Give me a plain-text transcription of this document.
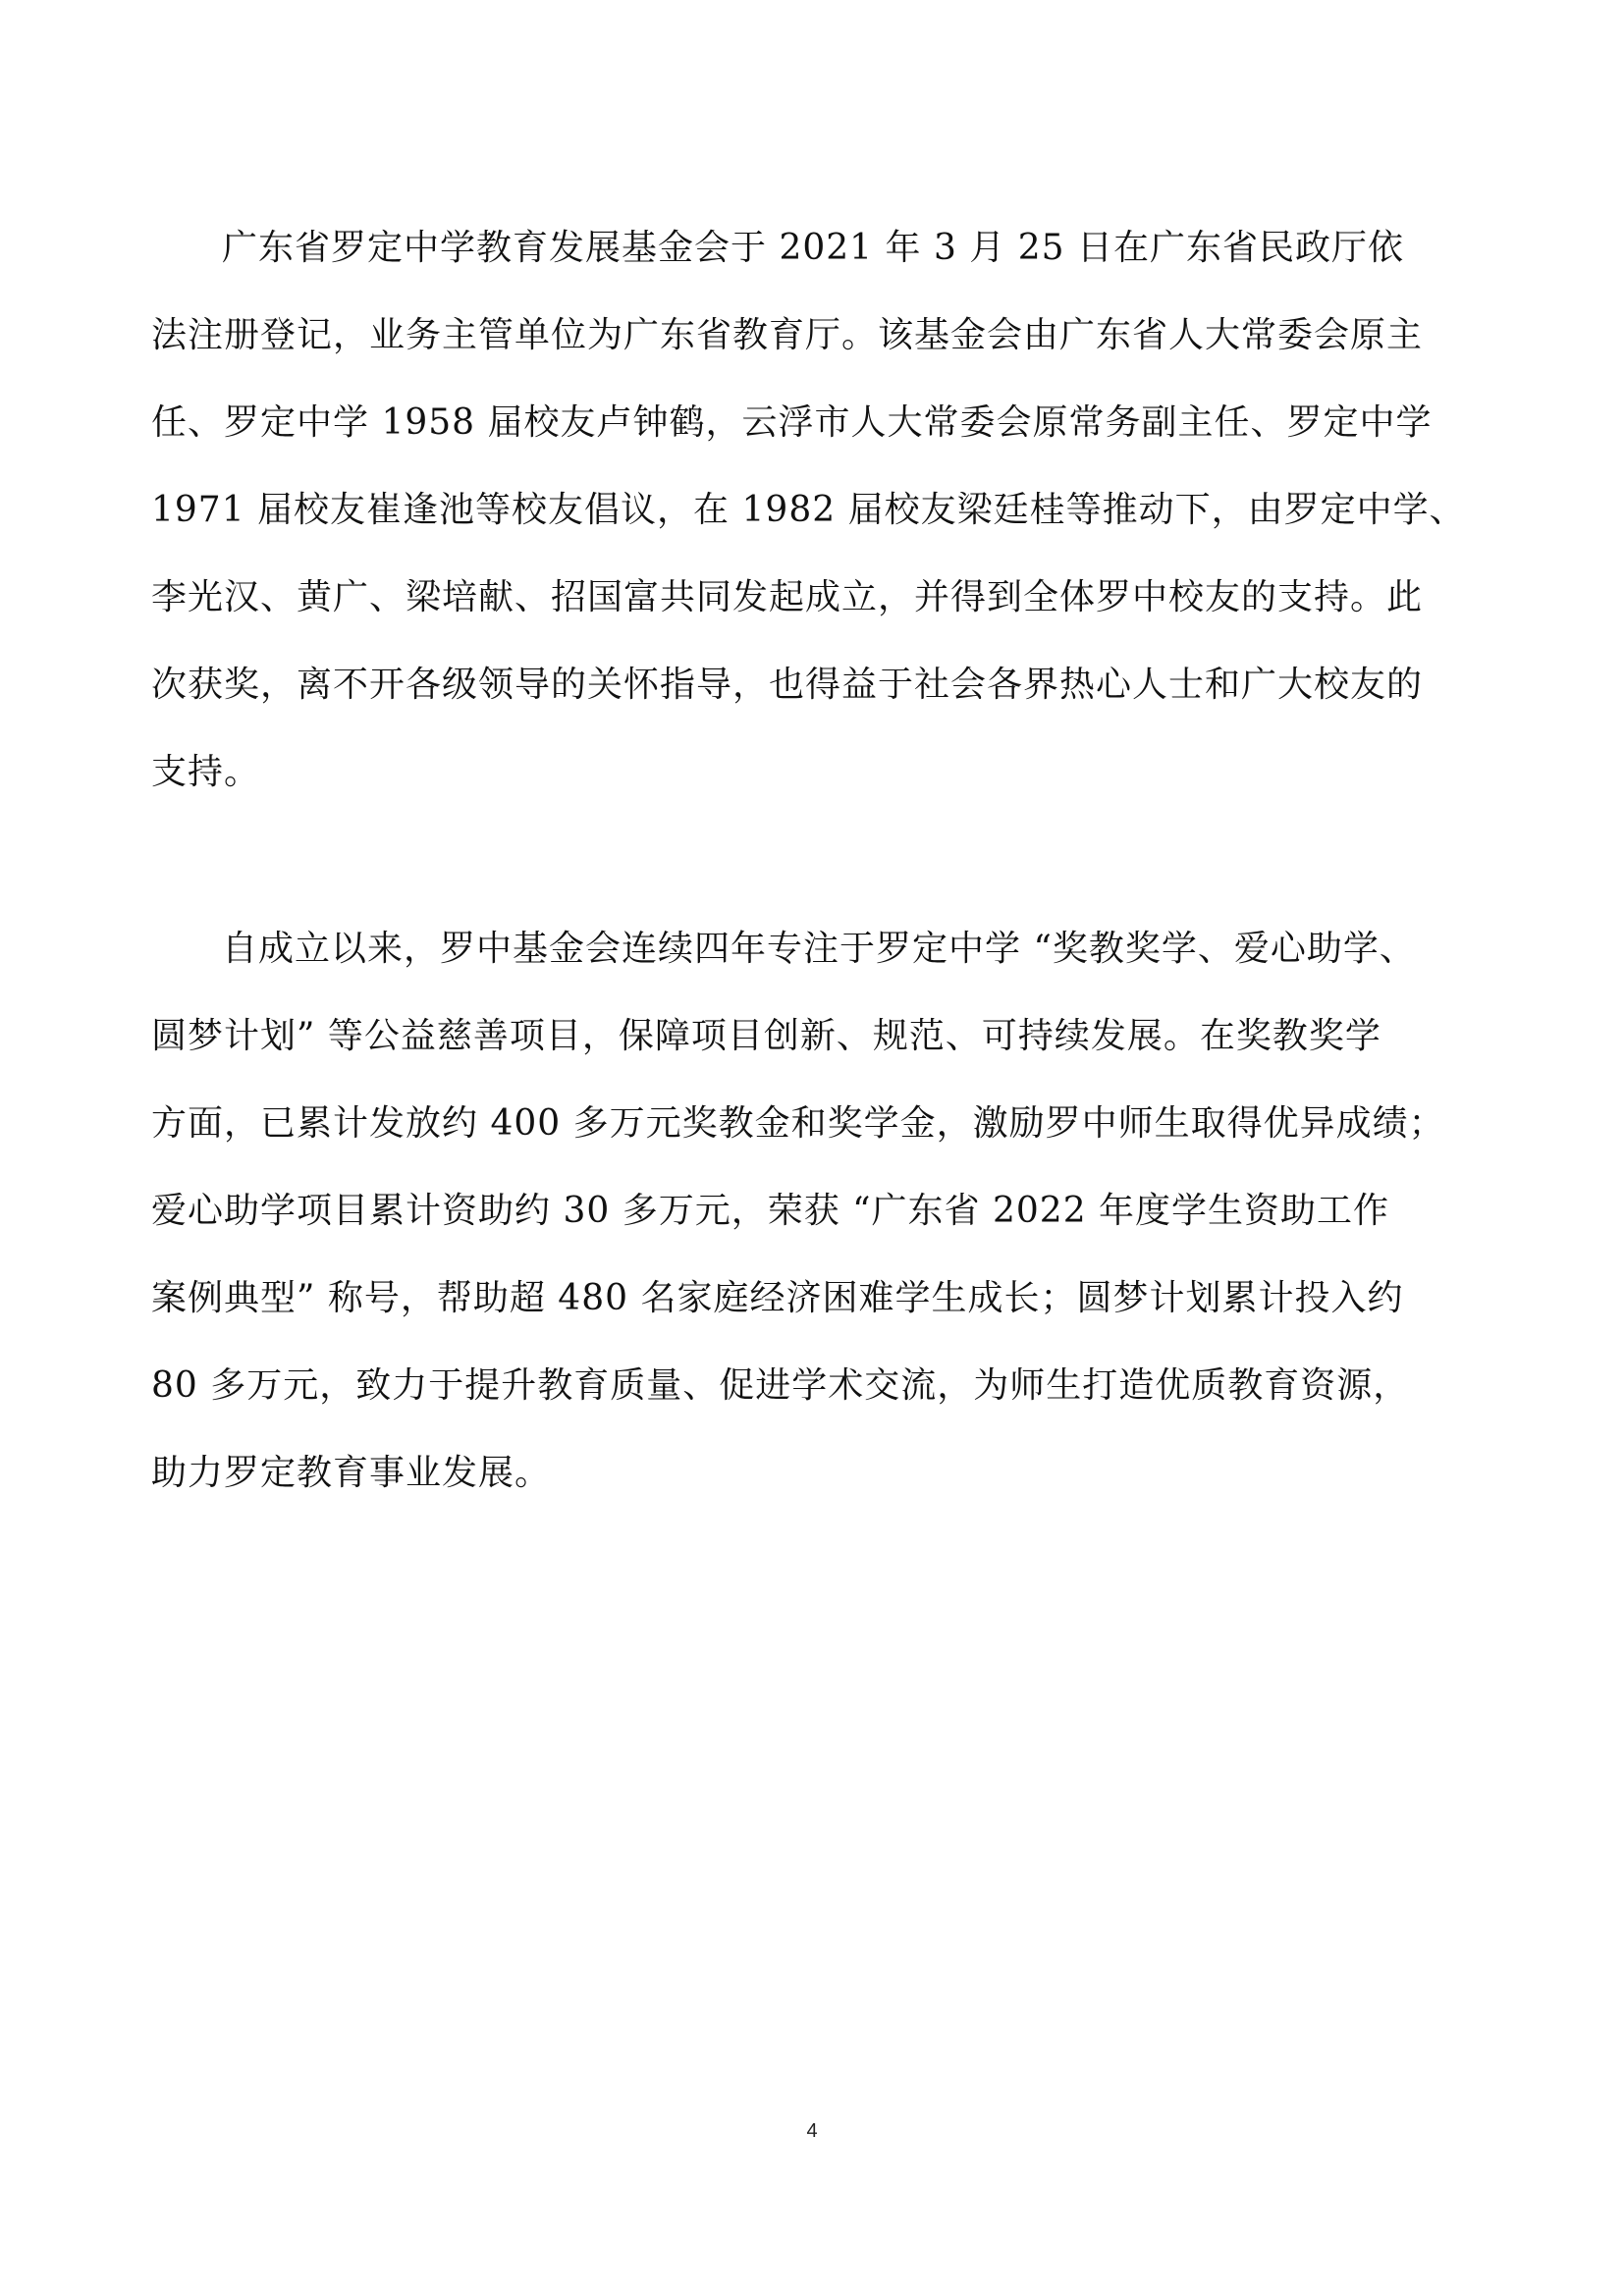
广东省罗定中学教育发展基金会于 2021 年 3 月 25 日在广东省民政厅依
法注册登记，业务主管单位为广东省教育厅。该基金会由广东省人大常委会原主
任、罗定中学 1958 届校友卢钟鹤，云浮市人大常委会原常务副主任、罗定中学
1971 届校友崔逢池等校友倡议，在 1982 届校友梁廷桂等推动下，由罗定中学、
李光汉、黄广、梁培献、招国富共同发起成立，并得到全体罗中校友的支持。此
次获奖，离不开各级领导的关怀指导，也得益于社会各界热心人士和广大校友的
支持。

自成立以来，罗中基金会连续四年专注于罗定中学 “奖教奖学、爱心助学、
圆梦计划” 等公益慈善项目，保障项目创新、规范、可持续发展。在奖教奖学
方面，已累计发放约 400 多万元奖教金和奖学金，激励罗中师生取得优异成绩；
爱心助学项目累计资助约 30 多万元，荣获 “广东省 2022 年度学生资助工作
案例典型” 称号，帮助超 480 名家庭经济困难学生成长；圆梦计划累计投入约
80 多万元，致力于提升教育质量、促进学术交流，为师生打造优质教育资源，
助力罗定教育事业发展。

4
